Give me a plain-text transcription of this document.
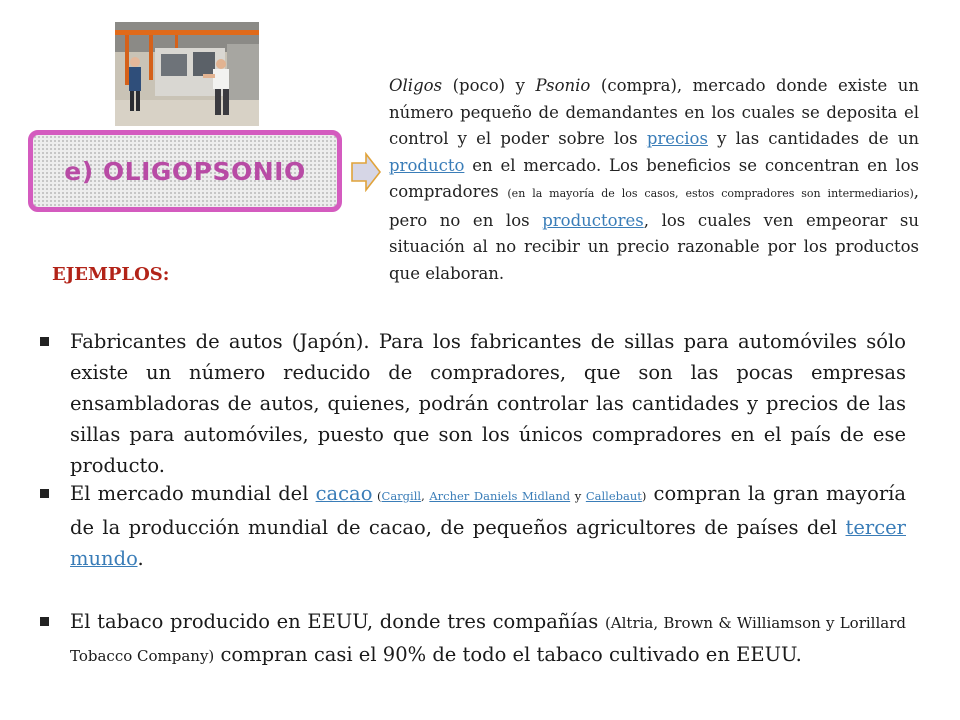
e) OLIGOPSONIO

Oligos (poco) y Psonio (compra), mercado donde existe un número pequeño de demandantes en los cuales se deposita el control y el poder sobre los precios y las cantidades de un producto en el mercado. Los beneficios se concentran en los compradores (en la mayoría de los casos, estos compradores son intermediarios), pero no en los productores, los cuales ven empeorar su situación al no recibir un precio razonable por los productos que elaboran.

EJEMPLOS:
Fabricantes de autos (Japón). Para los fabricantes de sillas para automóviles sólo existe un número reducido de compradores, que son las pocas empresas ensambladoras de autos, quienes, podrán controlar las cantidades y precios de las sillas para automóviles, puesto que son los únicos compradores en el país de ese producto.
El mercado mundial del cacao (Cargill, Archer Daniels Midland y Callebaut) compran la gran mayoría de la producción mundial de cacao, de pequeños agricultores de países del tercer mundo.
El tabaco producido en EEUU, donde tres compañías (Altria, Brown & Williamson y Lorillard Tobacco Company) compran casi el 90% de todo el tabaco cultivado en EEUU.
